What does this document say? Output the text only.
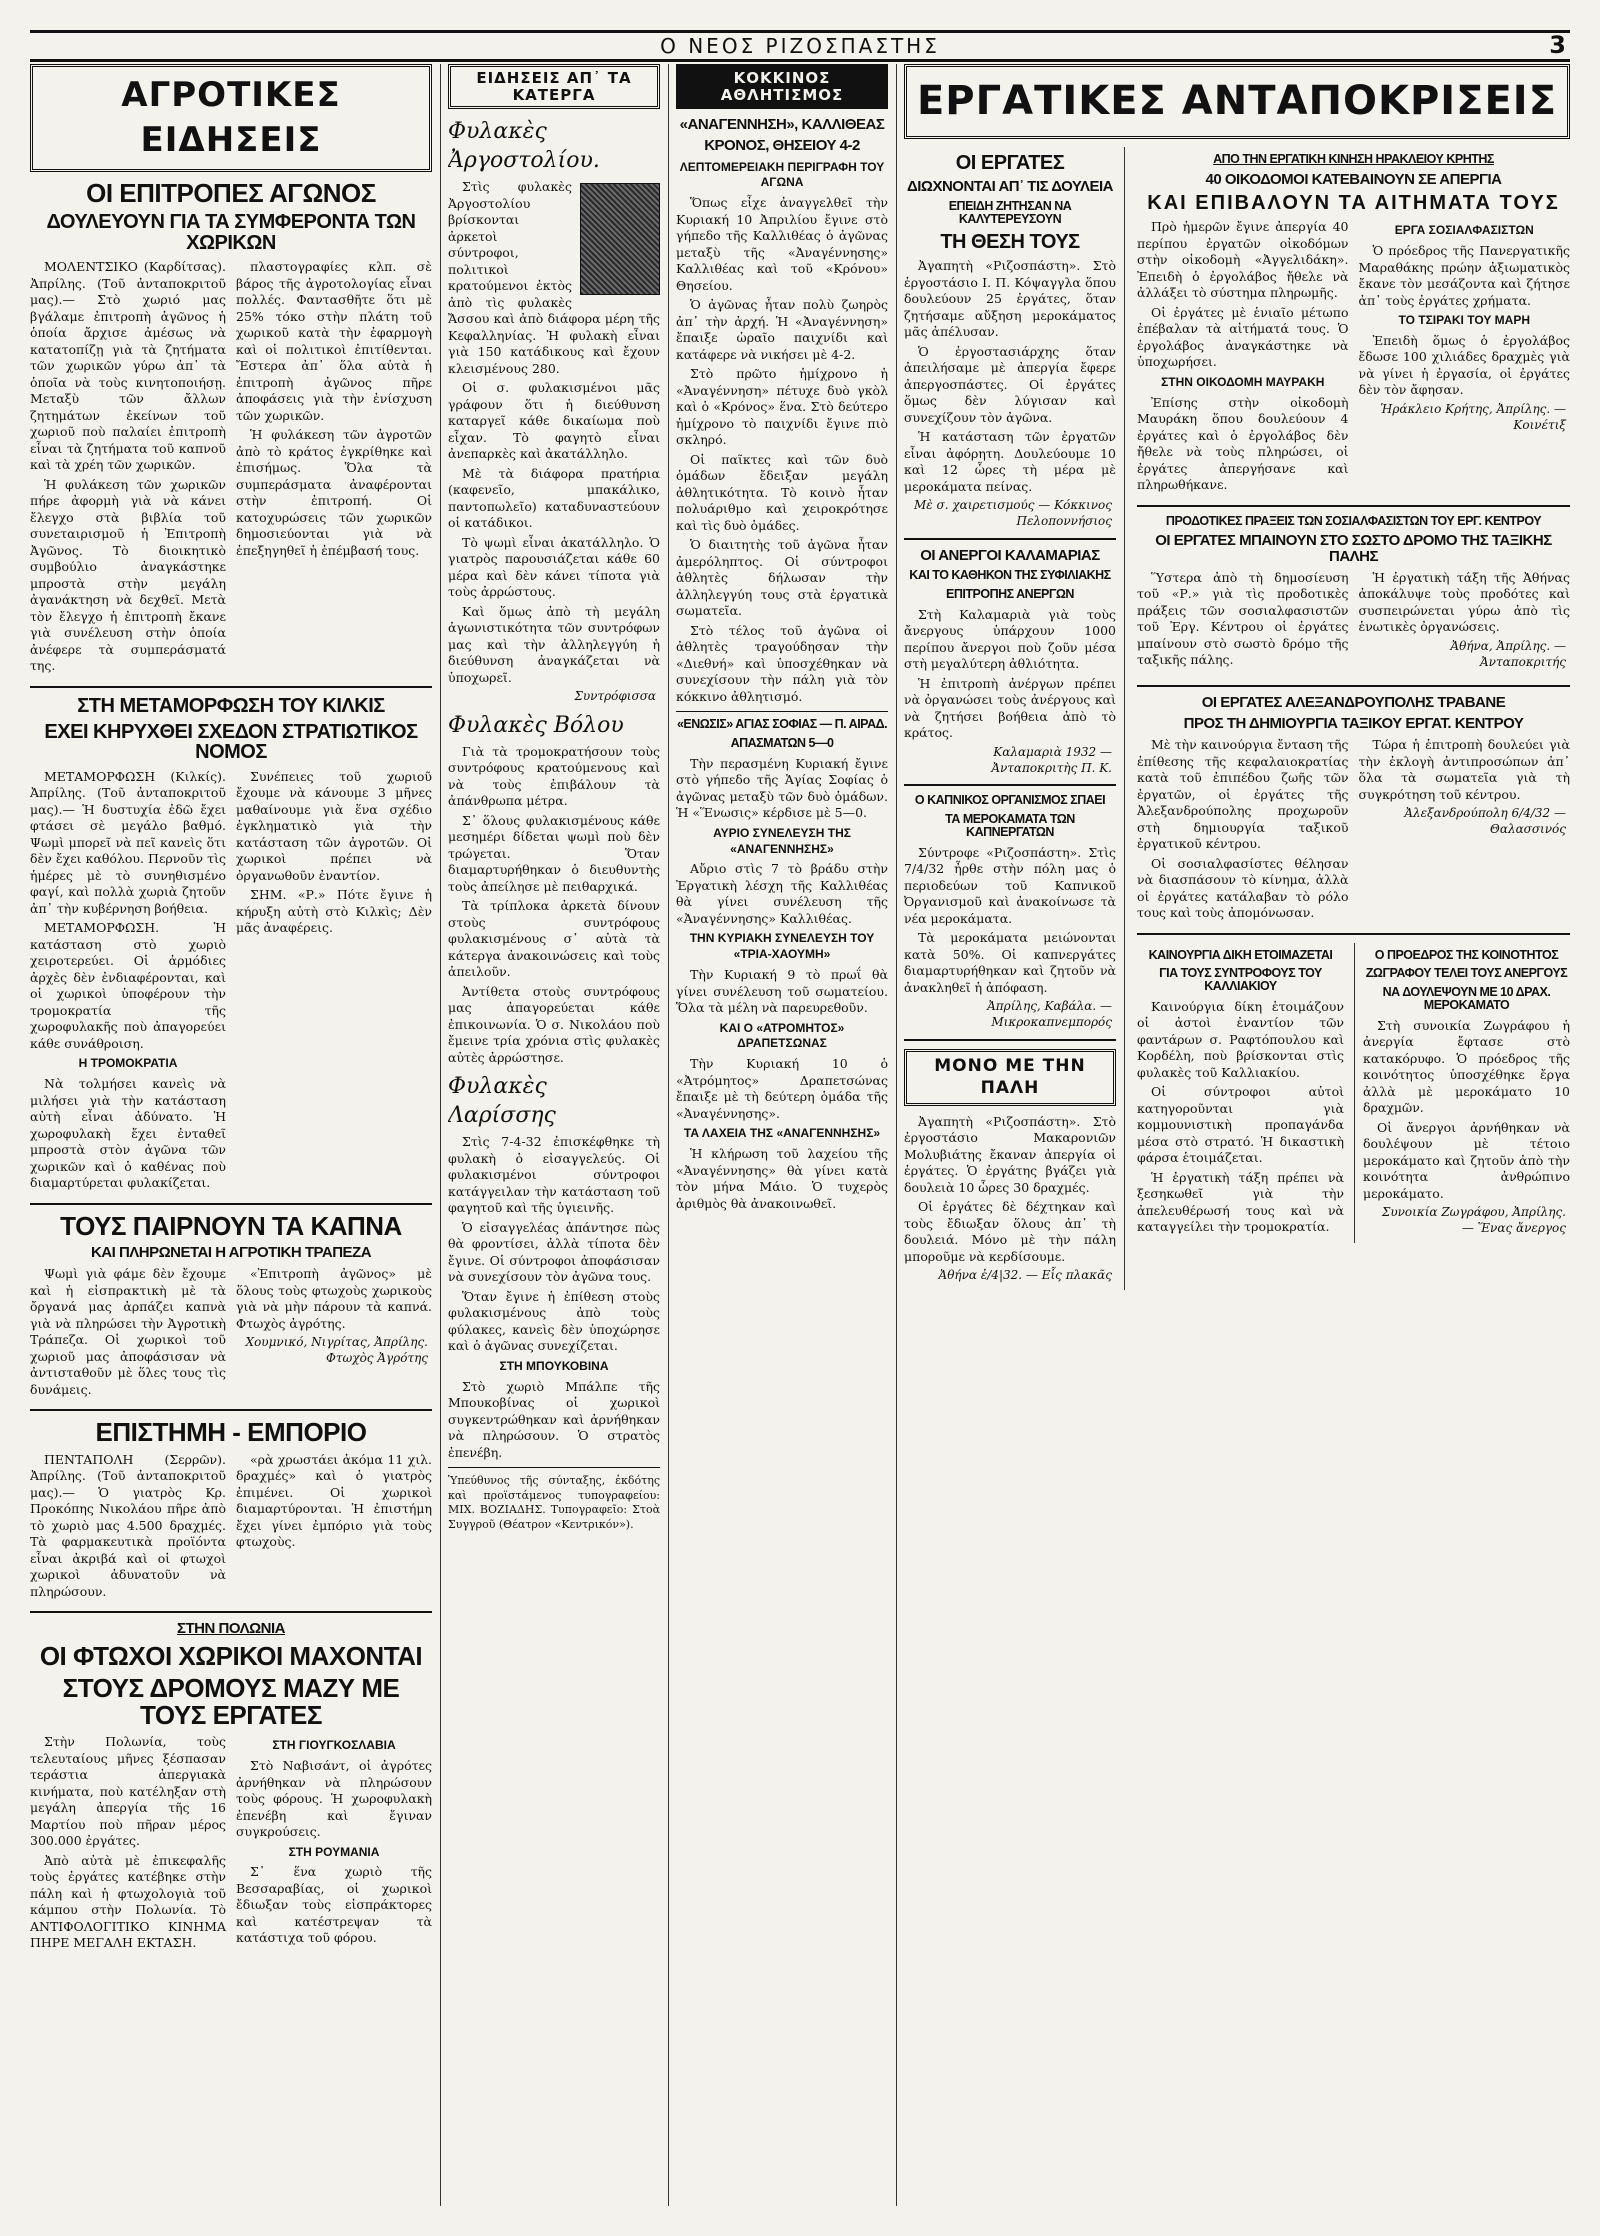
Ο ΝΕΟΣ ΡΙΖΟΣΠΑΣΤΗΣ	3
ΑΓΡΟΤΙΚΕΣ ΕΙΔΗΣΕΙΣ
ΟΙ ΕΠΙΤΡΟΠΕΣ ΑΓΩΝΟΣ
ΔΟΥΛΕΥΟΥΝ ΓΙΑ ΤΑ ΣΥΜΦΕΡΟΝΤΑ ΤΩΝ ΧΩΡΙΚΩΝ

ΜΟΛΕΝΤΣΙΚΟ (Καρδίτσας). Ἀπρίλης. (Τοῦ ἀνταποκριτοῦ μας).— Στὸ χωριό μας βγάλαμε ἐπιτροπὴ ἀγῶνος ἡ ὁποία ἄρχισε ἀμέσως νὰ κατατοπίζῃ γιὰ τὰ ζητήματα τῶν χωρικῶν γύρω ἀπ᾿ τὰ ὁποῖα νὰ τοὺς κινητοποιήσῃ. Μεταξὺ τῶν ἄλλων ζητημάτων ἐκείνων τοῦ χωριοῦ ποὺ παλαίει ἐπιτροπὴ εἶναι τὰ ζητήματα τοῦ καπνοῦ καὶ τὰ χρέη τῶν χωρικῶν.

Ἡ φυλάκεση τῶν χωρικῶν πήρε ἀφορμὴ γιὰ νὰ κάνει ἔλεγχο στὰ βιβλία τοῦ συνεταιρισμοῦ ἡ Ἐπιτροπὴ Ἀγῶνος. Τὸ διοικητικὸ συμβούλιο ἀναγκάστηκε μπροστὰ στὴν μεγάλη ἀγανάκτηση νὰ δεχθεῖ. Μετὰ τὸν ἔλεγχο ἡ ἐπιτροπὴ ἔκανε γιὰ συνέλευση στὴν ὁποία ἀνέφερε τὰ συμπεράσματά της.

πλαστογραφίες κλπ. σὲ βάρος τῆς ἀγροτολογίας εἶναι πολλές. Φαντασθῆτε ὅτι μὲ 25% τόκο στὴν πλάτη τοῦ χωρικοῦ κατὰ τὴν ἐφαρμογὴ καὶ οἱ πολιτικοὶ ἐπιτίθενται. Ἔστερα ἀπ᾿ ὅλα αὐτὰ ἡ ἐπιτροπὴ ἀγῶνος πῆρε ἀποφάσεις γιὰ τὴν ἐνίσχυση τῶν χωρικῶν.

Ἡ φυλάκεση τῶν ἀγροτῶν ἀπὸ τὸ κράτος ἐγκρίθηκε καὶ ἐπισήμως. Ὅλα τὰ συμπεράσματα ἀναφέρονται στὴν ἐπιτροπή. Οἱ κατοχυρώσεις τῶν χωρικῶν δημοσιεύονται γιὰ νὰ ἐπεξηγηθεῖ ἡ ἐπέμβασή τους.

ΣΤΗ ΜΕΤΑΜΟΡΦΩΣΗ ΤΟΥ ΚΙΛΚΙΣ
ΕΧΕΙ ΚΗΡΥΧΘΕΙ ΣΧΕΔΟΝ ΣΤΡΑΤΙΩΤΙΚΟΣ ΝΟΜΟΣ

ΜΕΤΑΜΟΡΦΩΣΗ (Κιλκίς). Ἀπρίλης. (Τοῦ ἀνταποκριτοῦ μας).— Ἡ δυστυχία ἐδῶ ἔχει φτάσει σὲ μεγάλο βαθμό. Ψωμὶ μπορεῖ νὰ πεῖ κανεὶς ὅτι δὲν ἔχει καθόλου. Περνοῦν τὶς ἡμέρες μὲ τὸ συνηθισμένο φαγί, καὶ πολλὰ χωριὰ ζητοῦν ἀπ᾿ τὴν κυβέρνηση βοήθεια.

ΜΕΤΑΜΟΡΦΩΣΗ. Ἡ κατάσταση στὸ χωριὸ χειροτερεύει. Οἱ ἀρμόδιες ἀρχὲς δὲν ἐνδιαφέρονται, καὶ οἱ χωρικοὶ ὑποφέρουν τὴν τρομοκρατία τῆς χωροφυλακῆς ποὺ ἀπαγορεύει κάθε συνάθροιση.

Η ΤΡΟΜΟΚΡΑΤΙΑ

Νὰ τολμήσει κανεὶς νὰ μιλήσει γιὰ τὴν κατάσταση αὐτὴ εἶναι ἀδύνατο. Ἡ χωροφυλακὴ ἔχει ἐνταθεῖ μπροστὰ στὸν ἀγῶνα τῶν χωρικῶν καὶ ὁ καθένας ποὺ διαμαρτύρεται φυλακίζεται.

Συνέπειες τοῦ χωριοῦ ἔχουμε νὰ κάνουμε 3 μῆνες μαθαίνουμε γιὰ ἕνα σχέδιο ἐγκληματικὸ γιὰ τὴν κατάσταση τῶν ἀγροτῶν. Οἱ χωρικοὶ πρέπει νὰ ὀργανωθοῦν ἐναντίον.

ΣΗΜ. «Ρ.» Πότε ἔγινε ἡ κήρυξη αὐτὴ στὸ Κιλκὶς; Δὲν μᾶς ἀναφέρεις.

ΤΟΥΣ ΠΑΙΡΝΟΥΝ ΤΑ ΚΑΠΝΑ
ΚΑΙ ΠΛΗΡΩΝΕΤΑΙ Η ΑΓΡΟΤΙΚΗ ΤΡΑΠΕΖΑ

Ψωμὶ γιὰ φάμε δὲν ἔχουμε καὶ ἡ εἰσπρακτικὴ μὲ τὰ ὄργανά μας ἀρπάζει καπνὰ γιὰ νὰ πληρώσει τὴν Ἀγροτικὴ Τράπεζα. Οἱ χωρικοὶ τοῦ χωριοῦ μας ἀποφάσισαν νὰ ἀντισταθοῦν μὲ ὅλες τους τὶς δυνάμεις.

«Ἐπιτροπὴ ἀγῶνος» μὲ ὅλους τοὺς φτωχοὺς χωρικοὺς γιὰ νὰ μὴν πάρουν τὰ καπνά. Φτωχὸς ἀγρότης.

Χουμνικό, Νιγρίτας, Ἀπρίλης. Φτωχὸς Ἀγρότης
ΕΠΙΣΤΗΜΗ - ΕΜΠΟΡΙΟ

ΠΕΝΤΑΠΟΛΗ (Σερρῶν). Ἀπρίλης. (Τοῦ ἀνταποκριτοῦ μας).— Ὁ γιατρὸς Κρ. Προκόπης Νικολάου πῆρε ἀπὸ τὸ χωριὸ μας 4.500 δραχμές. Τὰ φαρμακευτικὰ προϊόντα εἶναι ἀκριβά καὶ οἱ φτωχοὶ χωρικοὶ ἀδυνατοῦν νὰ πληρώσουν.

«ρὰ χρωστάει ἀκόμα 11 χιλ. δραχμές» καὶ ὁ γιατρὸς ἐπιμένει. Οἱ χωρικοὶ διαμαρτύρονται. Ἡ ἐπιστήμη ἔχει γίνει ἐμπόριο γιὰ τοὺς φτωχοὺς.

ΣΤΗΝ ΠΟΛΩΝΙΑ
ΟΙ ΦΤΩΧΟΙ ΧΩΡΙΚΟΙ ΜΑΧΟΝΤΑΙ
ΣΤΟΥΣ ΔΡΟΜΟΥΣ ΜΑΖΥ ΜΕ ΤΟΥΣ ΕΡΓΑΤΕΣ

Στὴν Πολωνία, τοὺς τελευταίους μῆνες ξέσπασαν τεράστια ἀπεργιακὰ κινήματα, ποὺ κατέληξαν στὴ μεγάλη ἀπεργία τῆς 16 Μαρτίου ποὺ πῆραν μέρος 300.000 ἐργάτες.

Ἀπὸ αὐτὰ μὲ ἐπικεφαλῆς τοὺς ἐργάτες κατέβηκε στὴν πάλη καὶ ἡ φτωχολογιὰ τοῦ κάμπου στὴν Πολωνία. Τὸ ΑΝΤΙΦΟΛΟΓΙΤΙΚΟ ΚΙΝΗΜΑ ΠΗΡΕ ΜΕΓΑΛΗ ΕΚΤΑΣΗ.

ΣΤΗ ΓΙΟΥΓΚΟΣΛΑΒΙΑ

Στὸ Ναβισάντ, οἱ ἀγρότες ἀρνήθηκαν νὰ πληρώσουν τοὺς φόρους. Ἡ χωροφυλακὴ ἐπενέβη καὶ ἔγιναν συγκρούσεις.

ΣΤΗ ΡΟΥΜΑΝΙΑ

Σ᾿ ἕνα χωριὸ τῆς Βεσσαραβίας, οἱ χωρικοὶ ἔδιωξαν τοὺς εἰσπράκτορες καὶ κατέστρεψαν τὰ κατάστιχα τοῦ φόρου.

ΕΙΔΗΣΕΙΣ ΑΠ᾿ ΤΑ ΚΑΤΕΡΓΑ
Φυλακὲς Ἀργοστολίου.

Στὶς φυλακὲς Ἀργοστολίου βρίσκονται ἀρκετοὶ σύντροφοι, πολιτικοὶ κρατούμενοι ἐκτὸς ἀπὸ τὶς φυλακὲς Ἄσσου καὶ ἀπὸ διάφορα μέρη τῆς Κεφαλληνίας. Ἡ φυλακὴ εἶναι γιὰ 150 κατάδικους καὶ ἔχουν κλεισμένους 280.

Οἱ σ. φυλακισμένοι μᾶς γράφουν ὅτι ἡ διεύθυνση καταργεῖ κάθε δικαίωμα ποὺ εἶχαν. Τὸ φαγητὸ εἶναι ἀνεπαρκὲς καὶ ἀκατάλληλο.

Μὲ τὰ διάφορα πρατήρια (καφενεῖο, μπακάλικο, παντοπωλεῖο) καταδυναστεύουν οἱ κατάδικοι.

Τὸ ψωμὶ εἶναι ἀκατάλληλο. Ὁ γιατρὸς παρουσιάζεται κάθε 60 μέρα καὶ δὲν κάνει τίποτα γιὰ τοὺς ἀρρώστους.

Καὶ ὅμως ἀπὸ τὴ μεγάλη ἀγωνιστικότητα τῶν συντρόφων μας καὶ τὴν ἀλληλεγγύη ἡ διεύθυνση ἀναγκάζεται νὰ ὑποχωρεῖ.

Συντρόφισσα
Φυλακὲς Βόλου

Γιὰ τὰ τρομοκρατήσουν τοὺς συντρόφους κρατούμενους καὶ νὰ τοὺς ἐπιβάλουν τὰ ἀπάνθρωπα μέτρα.

Σ᾿ ὅλους φυλακισμένους κάθε μεσημέρι δίδεται ψωμὶ ποὺ δὲν τρώγεται. Ὅταν διαμαρτυρήθηκαν ὁ διευθυντὴς τοὺς ἀπείλησε μὲ πειθαρχικά.

Τὰ τρίπλοκα ἀρκετὰ δίνουν στοὺς συντρόφους φυλακισμένους σ᾿ αὐτὰ τὰ κάτεργα ἀνακοινώσεις καὶ τοὺς ἀπειλοῦν.

Ἀντίθετα στοὺς συντρόφους μας ἀπαγορεύεται κάθε ἐπικοινωνία. Ὁ σ. Νικολάου ποὺ ἔμεινε τρία χρόνια στὶς φυλακὲς αὐτὲς ἀρρώστησε.

Φυλακὲς Λαρίσσης

Στὶς 7-4-32 ἐπισκέφθηκε τὴ φυλακὴ ὁ εἰσαγγελεύς. Οἱ φυλακισμένοι σύντροφοι κατάγγειλαν τὴν κατάσταση τοῦ φαγητοῦ καὶ τῆς ὑγιεινῆς.

Ὁ εἰσαγγελέας ἀπάντησε πὼς θὰ φροντίσει, ἀλλὰ τίποτα δὲν ἔγινε. Οἱ σύντροφοι ἀποφάσισαν νὰ συνεχίσουν τὸν ἀγῶνα τους.

Ὅταν ἔγινε ἡ ἐπίθεση στοὺς φυλακισμένους ἀπὸ τοὺς φύλακες, κανεὶς δὲν ὑποχώρησε καὶ ὁ ἀγῶνας συνεχίζεται.

ΣΤΗ ΜΠΟΥΚΟΒΙΝΑ

Στὸ χωριὸ Μπάλπε τῆς Μπουκοβίνας οἱ χωρικοὶ συγκεντρώθηκαν καὶ ἀρνήθηκαν νὰ πληρώσουν. Ὁ στρατὸς ἐπενέβη.

Ὑπεύθυνος τῆς σύνταξης, ἐκδότης καὶ προϊστάμενος τυπογραφείου: ΜΙΧ. ΒΟΖΙΑΔΗΣ. Τυπογραφεῖο: Στοὰ Συγγροῦ (Θέατρον «Κεντρικόν»).

ΚΟΚΚΙΝΟΣ ΑΘΛΗΤΙΣΜΟΣ
«ΑΝΑΓΕΝΝΗΣΗ», ΚΑΛΛΙΘΕΑΣ
ΚΡΟΝΟΣ, ΘΗΣΕΙΟΥ 4-2
ΛΕΠΤΟΜΕΡΕΙΑΚΗ ΠΕΡΙΓΡΑΦΗ ΤΟΥ ΑΓΩΝΑ

Ὅπως εἶχε ἀναγγελθεῖ τὴν Κυριακή 10 Ἀπριλίου ἔγινε στὸ γήπεδο τῆς Καλλιθέας ὁ ἀγῶνας μεταξὺ τῆς «Ἀναγέννησης» Καλλιθέας καὶ τοῦ «Κρόνου» Θησείου.

Ὁ ἀγῶνας ἦταν πολὺ ζωηρὸς ἀπ᾿ τὴν ἀρχή. Ἡ «Ἀναγέννηση» ἔπαιξε ὡραῖο παιχνίδι καὶ κατάφερε νὰ νικήσει μὲ 4-2.

Στὸ πρῶτο ἡμίχρονο ἡ «Ἀναγέννηση» πέτυχε δυὸ γκὸλ καὶ ὁ «Κρόνος» ἕνα. Στὸ δεύτερο ἡμίχρονο τὸ παιχνίδι ἔγινε πιὸ σκληρό.

Οἱ παῖκτες καὶ τῶν δυὸ ὁμάδων ἔδειξαν μεγάλη ἀθλητικότητα. Τὸ κοινὸ ἦταν πολυάριθμο καὶ χειροκρότησε καὶ τὶς δυὸ ὁμάδες.

Ὁ διαιτητὴς τοῦ ἀγῶνα ἦταν ἀμερόληπτος. Οἱ σύντροφοι ἀθλητὲς δήλωσαν τὴν ἀλληλεγγύη τους στὰ ἐργατικὰ σωματεῖα.

Στὸ τέλος τοῦ ἀγῶνα οἱ ἀθλητὲς τραγούδησαν τὴν «Διεθνή» καὶ ὑποσχέθηκαν νὰ συνεχίσουν τὴν πάλη γιὰ τὸν κόκκινο ἀθλητισμό.

«ΕΝΩΣΙΣ» ΑΓΙΑΣ ΣΟΦΙΑΣ — Π. ΑΙΡΑΔ.
ΑΠΑΣΜΑΤΩΝ 5—0

Τὴν περασμένη Κυριακή ἔγινε στὸ γήπεδο τῆς Ἁγίας Σοφίας ὁ ἀγῶνας μεταξὺ τῶν δυὸ ὁμάδων. Ἡ «Ἕνωσις» κέρδισε μὲ 5—0.

ΑΥΡΙΟ ΣΥΝΕΛΕΥΣΗ ΤΗΣ «ΑΝΑΓΕΝΝΗΣΗΣ»

Αὔριο στὶς 7 τὸ βράδυ στὴν Ἐργατικὴ λέσχη τῆς Καλλιθέας θὰ γίνει συνέλευση τῆς «Ἀναγέννησης» Καλλιθέας.

ΤΗΝ ΚΥΡΙΑΚΗ ΣΥΝΕΛΕΥΣΗ ΤΟΥ «ΤΡΙΑ-ΧΑΟΥΜΗ»

Τὴν Κυριακή 9 τὸ πρωΐ θὰ γίνει συνέλευση τοῦ σωματείου. Ὅλα τὰ μέλη νὰ παρευρεθοῦν.

ΚΑΙ Ο «ΑΤΡΟΜΗΤΟΣ» ΔΡΑΠΕΤΣΩΝΑΣ

Τὴν Κυριακή 10 ὁ «Ἀτρόμητος» Δραπετσώνας ἔπαιξε μὲ τὴ δεύτερη ὁμάδα τῆς «Ἀναγέννησης».

ΤΑ ΛΑΧΕΙΑ ΤΗΣ «ΑΝΑΓΕΝΝΗΣΗΣ»

Ἡ κλήρωση τοῦ λαχείου τῆς «Ἀναγέννησης» θὰ γίνει κατὰ τὸν μήνα Μάιο. Ὁ τυχερὸς ἀριθμὸς θὰ ἀνακοινωθεῖ.

ΕΡΓΑΤΙΚΕΣ ΑΝΤΑΠΟΚΡΙΣΕΙΣ
ΟΙ ΕΡΓΑΤΕΣ
ΔΙΩΧΝΟΝΤΑΙ ΑΠ᾿ ΤΙΣ ΔΟΥΛΕΙΑ
ΕΠΕΙΔΗ ΖΗΤΗΣΑΝ ΝΑ ΚΑΛΥΤΕΡΕΥΣΟΥΝ
ΤΗ ΘΕΣΗ ΤΟΥΣ

Ἀγαπητὴ «Ριζοσπάστη». Στὸ ἐργοστάσιο Ι. Π. Κόψαγγλα ὅπου δουλεύουν 25 ἐργάτες, ὅταν ζητήσαμε αὔξηση μεροκάματος μᾶς ἀπέλυσαν.

Ὁ ἐργοστασιάρχης ὅταν ἀπειλήσαμε μὲ ἀπεργία ἔφερε ἀπεργοσπάστες. Οἱ ἐργάτες ὅμως δὲν λύγισαν καὶ συνεχίζουν τὸν ἀγῶνα.

Ἡ κατάσταση τῶν ἐργατῶν εἶναι ἀφόρητη. Δουλεύουμε 10 καὶ 12 ὧρες τὴ μέρα μὲ μεροκάματα πείνας.

Μὲ σ. χαιρετισμούς — Κόκκινος Πελοποννήσιος
ΟΙ ΑΝΕΡΓΟΙ ΚΑΛΑΜΑΡΙΑΣ
ΚΑΙ ΤΟ ΚΑΘΗΚΟΝ ΤΗΣ ΣΥΦΙΛΙΑΚΗΣ
ΕΠΙΤΡΟΠΗΣ ΑΝΕΡΓΩΝ

Στὴ Καλαμαριὰ γιὰ τοὺς ἄνεργους ὑπάρχουν 1000 περίπου ἄνεργοι ποὺ ζοῦν μέσα στὴ μεγαλύτερη ἀθλιότητα.

Ἡ ἐπιτροπὴ ἀνέργων πρέπει νὰ ὀργανώσει τοὺς ἀνέργους καὶ νὰ ζητήσει βοήθεια ἀπὸ τὸ κράτος.

Καλαμαριὰ 1932 — Ἀνταποκριτὴς Π. Κ.
Ο ΚΑΠΝΙΚΟΣ ΟΡΓΑΝΙΣΜΟΣ ΣΠΑΕΙ
ΤΑ ΜΕΡΟΚΑΜΑΤΑ ΤΩΝ ΚΑΠΝΕΡΓΑΤΩΝ

Σύντροφε «Ριζοσπάστη». Στὶς 7/4/32 ἦρθε στὴν πόλη μας ὁ περιοδεύων τοῦ Καπνικοῦ Ὀργανισμοῦ καὶ ἀνακοίνωσε τὰ νέα μεροκάματα.

Τὰ μεροκάματα μειώνονται κατὰ 50%. Οἱ καπνεργάτες διαμαρτυρήθηκαν καὶ ζητοῦν νὰ ἀνακληθεῖ ἡ ἀπόφαση.

Ἀπρίλης, Καβάλα. — Μικροκαπνεμπορός
ΜΟΝΟ ΜΕ ΤΗΝ ΠΑΛΗ

Ἀγαπητὴ «Ριζοσπάστη». Στὸ ἐργοστάσιο Μακαρονιῶν Μολυβιάτης ἔκαναν ἀπεργία οἱ ἐργάτες. Ὁ ἐργάτης βγάζει γιὰ δουλειὰ 10 ὧρες 30 δραχμές.

Οἱ ἐργάτες δὲ δέχτηκαν καὶ τοὺς ἔδιωξαν ὅλους ἀπ᾿ τὴ δουλειά. Μόνο μὲ τὴν πάλη μποροῦμε νὰ κερδίσουμε.

Ἀθήνα ἐ/4|32. — Εἷς πλακᾶς
ΑΠΟ ΤΗΝ ΕΡΓΑΤΙΚΗ ΚΙΝΗΣΗ ΗΡΑΚΛΕΙΟΥ ΚΡΗΤΗΣ
40 ΟΙΚΟΔΟΜΟΙ ΚΑΤΕΒΑΙΝΟΥΝ ΣΕ ΑΠΕΡΓΙΑ
ΚΑΙ ΕΠΙΒΑΛΟΥΝ ΤΑ ΑΙΤΗΜΑΤΑ ΤΟΥΣ

Πρὸ ἡμερῶν ἔγινε ἀπεργία 40 περίπου ἐργατῶν οἰκοδόμων στὴν οἰκοδομὴ «Ἀγγελιδάκη». Ἐπειδὴ ὁ ἐργολάβος ἤθελε νὰ ἀλλάξει τὸ σύστημα πληρωμῆς.

Οἱ ἐργάτες μὲ ἑνιαῖο μέτωπο ἐπέβαλαν τὰ αἰτήματά τους. Ὁ ἐργολάβος ἀναγκάστηκε νὰ ὑποχωρήσει.

ΣΤΗΝ ΟΙΚΟΔΟΜΗ ΜΑΥΡΑΚΗ

Ἐπίσης στὴν οἰκοδομὴ Μαυράκη ὅπου δουλεύουν 4 ἐργάτες καὶ ὁ ἐργολάβος δὲν ἤθελε νὰ τοὺς πληρώσει, οἱ ἐργάτες ἀπεργήσανε καὶ πληρωθήκανε.

ΕΡΓΑ ΣΟΣΙΑΛΦΑΣΙΣΤΩΝ

Ὁ πρόεδρος τῆς Πανεργατικῆς Μαραθάκης πρώην ἀξιωματικὸς ἔκανε τὸν μεσάζοντα καὶ ζήτησε ἀπ᾿ τοὺς ἐργάτες χρήματα.

ΤΟ ΤΣΙΡΑΚΙ ΤΟΥ ΜΑΡΗ

Ἐπειδὴ ὅμως ὁ ἐργολάβος ἔδωσε 100 χιλιάδες δραχμὲς γιὰ νὰ γίνει ἡ ἐργασία, οἱ ἐργάτες δὲν τὸν ἄφησαν.

Ἡράκλειο Κρήτης, Ἀπρίλης. — Κοινέτιξ
ΠΡΟΔΟΤΙΚΕΣ ΠΡΑΞΕΙΣ ΤΩΝ ΣΟΣΙΑΛΦΑΣΙΣΤΩΝ ΤΟΥ ΕΡΓ. ΚΕΝΤΡΟΥ
ΟΙ ΕΡΓΑΤΕΣ ΜΠΑΙΝΟΥΝ ΣΤΟ ΣΩΣΤΟ ΔΡΟΜΟ ΤΗΣ ΤΑΞΙΚΗΣ ΠΑΛΗΣ

Ὕστερα ἀπὸ τὴ δημοσίευση τοῦ «Ρ.» γιὰ τὶς προδοτικὲς πράξεις τῶν σοσιαλφασιστῶν τοῦ Ἐργ. Κέντρου οἱ ἐργάτες μπαίνουν στὸ σωστὸ δρόμο τῆς ταξικῆς πάλης.

Ἡ ἐργατικὴ τάξη τῆς Ἀθήνας ἀποκάλυψε τοὺς προδότες καὶ συσπειρώνεται γύρω ἀπὸ τὶς ἑνωτικὲς ὀργανώσεις.

Ἀθήνα, Ἀπρίλης. — Ἀνταποκριτής
ΟΙ ΕΡΓΑΤΕΣ ΑΛΕΞΑΝΔΡΟΥΠΟΛΗΣ ΤΡΑΒΑΝΕ
ΠΡΟΣ ΤΗ ΔΗΜΙΟΥΡΓΙΑ ΤΑΞΙΚΟΥ ΕΡΓΑΤ. ΚΕΝΤΡΟΥ

Μὲ τὴν καινούργια ἔνταση τῆς ἐπίθεσης τῆς κεφαλαιοκρατίας κατὰ τοῦ ἐπιπέδου ζωῆς τῶν ἐργατῶν, οἱ ἐργάτες τῆς Ἀλεξανδρούπολης προχωροῦν στὴ δημιουργία ταξικοῦ ἐργατικοῦ κέντρου.

Οἱ σοσιαλφασίστες θέλησαν νὰ διασπάσουν τὸ κίνημα, ἀλλὰ οἱ ἐργάτες κατάλαβαν τὸ ρόλο τους καὶ τοὺς ἀπομόνωσαν.

Τώρα ἡ ἐπιτροπὴ δουλεύει γιὰ τὴν ἐκλογὴ ἀντιπροσώπων ἀπ᾿ ὅλα τὰ σωματεῖα γιὰ τὴ συγκρότηση τοῦ κέντρου.

Ἀλεξανδρούπολη 6/4/32 — Θαλασσινός
ΚΑΙΝΟΥΡΓΙΑ ΔΙΚΗ ΕΤΟΙΜΑΖΕΤΑΙ
ΓΙΑ ΤΟΥΣ ΣΥΝΤΡΟΦΟΥΣ ΤΟΥ ΚΑΛΛΙΑΚΙΟΥ

Καινούργια δίκη ἑτοιμάζουν οἱ ἀστοὶ ἐναντίον τῶν φαντάρων σ. Ραφτόπουλου καὶ Κορδέλη, ποὺ βρίσκονται στὶς φυλακὲς τοῦ Καλλιακίου.

Οἱ σύντροφοι αὐτοὶ κατηγοροῦνται γιὰ κομμουνιστικὴ προπαγάνδα μέσα στὸ στρατό. Ἡ δικαστικὴ φάρσα ἑτοιμάζεται.

Ἡ ἐργατικὴ τάξη πρέπει νὰ ξεσηκωθεῖ γιὰ τὴν ἀπελευθέρωσή τους καὶ νὰ καταγγείλει τὴν τρομοκρατία.

Ο ΠΡΟΕΔΡΟΣ ΤΗΣ ΚΟΙΝΟΤΗΤΟΣ
ΖΩΓΡΑΦΟΥ ΤΕΛΕΙ ΤΟΥΣ ΑΝΕΡΓΟΥΣ
ΝΑ ΔΟΥΛΕΨΟΥΝ ΜΕ 10 ΔΡΑΧ. ΜΕΡΟΚΑΜΑΤΟ

Στὴ συνοικία Ζωγράφου ἡ ἀνεργία ἔφτασε στὸ κατακόρυφο. Ὁ πρόεδρος τῆς κοινότητος ὑποσχέθηκε ἔργα ἀλλὰ μὲ μεροκάματο 10 δραχμῶν.

Οἱ ἄνεργοι ἀρνήθηκαν νὰ δουλέψουν μὲ τέτοιο μεροκάματο καὶ ζητοῦν ἀπὸ τὴν κοινότητα ἀνθρώπινο μεροκάματο.

Συνοικία Ζωγράφου, Ἀπρίλης. — Ἕνας ἄνεργος
